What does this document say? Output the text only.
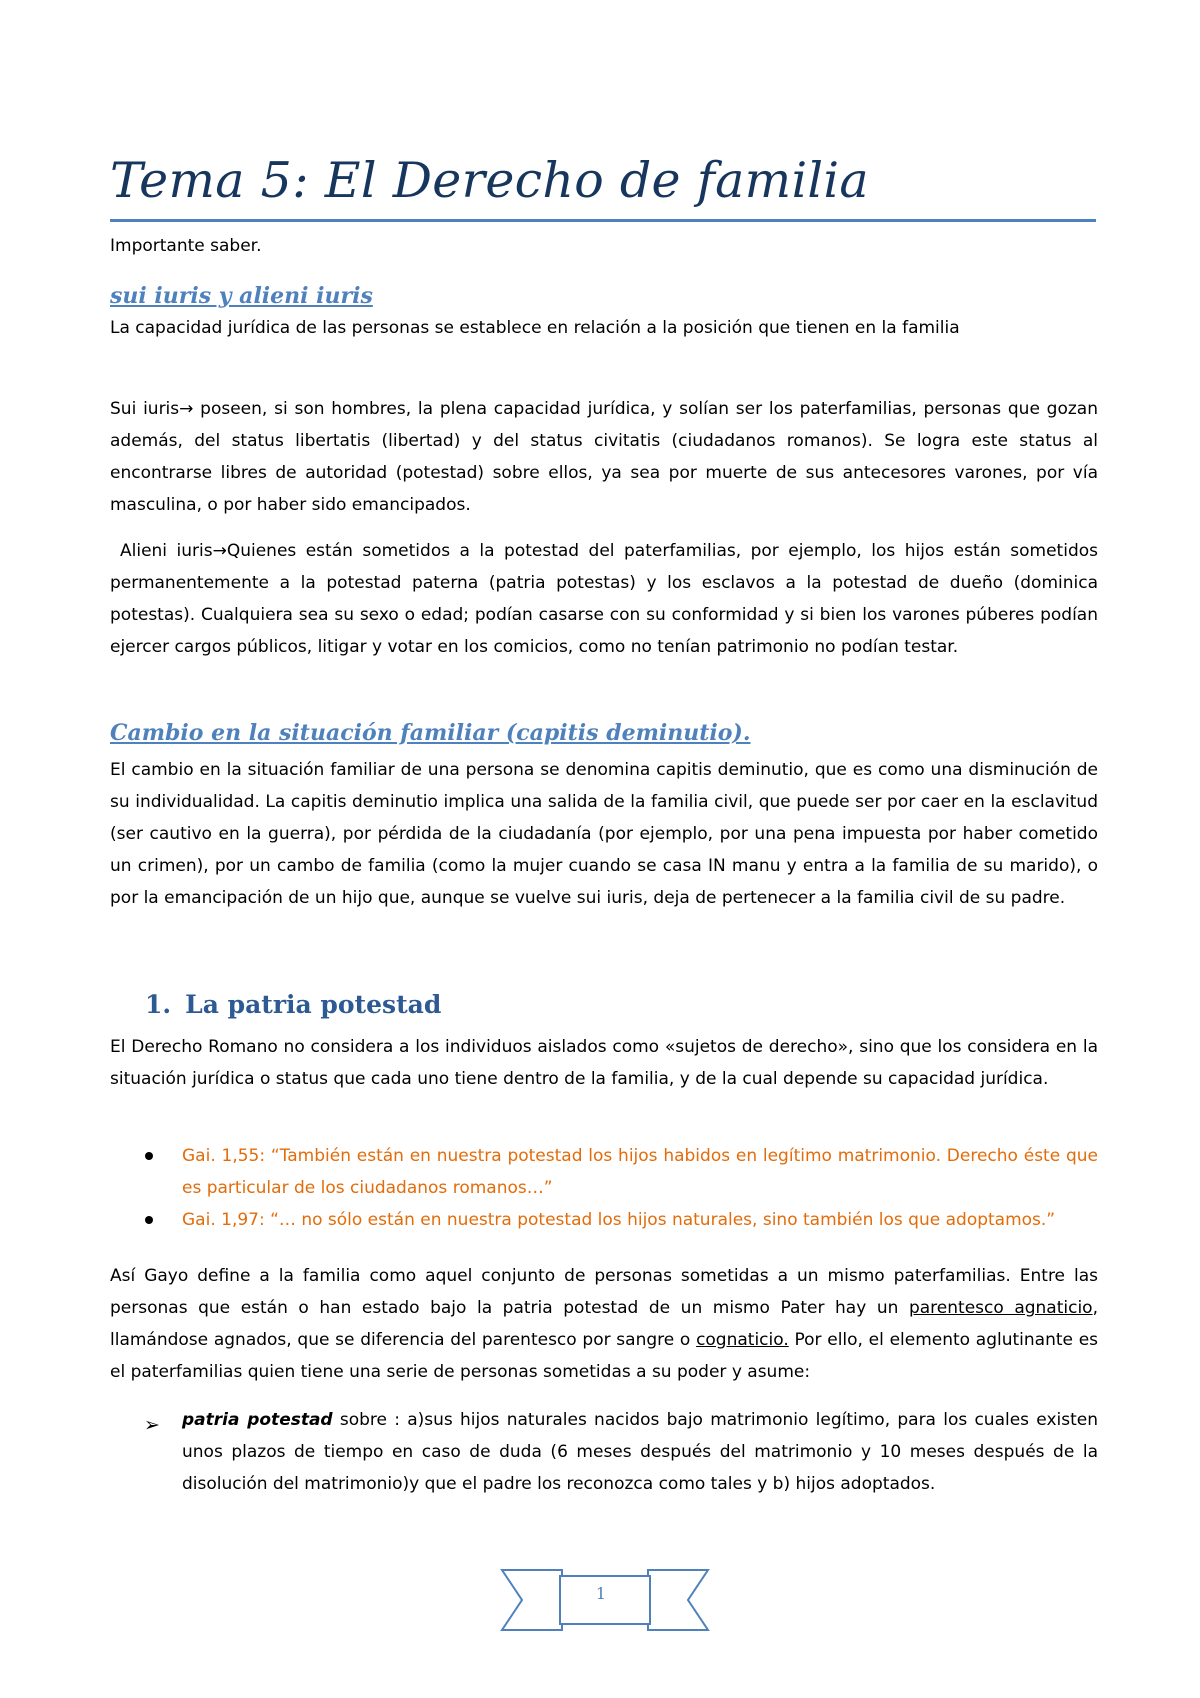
Tema 5: El Derecho de familia

Importante saber.

sui iuris y alieni iuris

La capacidad jurídica de las personas se establece en relación a la posición que tienen en la familia

Sui iuris→ poseen, si son hombres, la plena capacidad jurídica, y solían ser los paterfamilias, personas que gozan además, del status libertatis (libertad) y del status civitatis (ciudadanos romanos). Se logra este status al encontrarse libres de autoridad (potestad) sobre ellos, ya sea por muerte de sus antecesores varones, por vía masculina, o por haber sido emancipados.

Alieni iuris→Quienes están sometidos a la potestad del paterfamilias, por ejemplo, los hijos están sometidos permanentemente a la potestad paterna (patria potestas) y los esclavos a la potestad de dueño (dominica potestas). Cualquiera sea su sexo o edad; podían casarse con su conformidad y si bien los varones púberes podían ejercer cargos públicos, litigar y votar en los comicios, como no tenían patrimonio no podían testar.

Cambio en la situación familiar (capitis deminutio).

El cambio en la situación familiar de una persona se denomina capitis deminutio, que es como una disminución de su individualidad. La capitis deminutio implica una salida de la familia civil, que puede ser por caer en la esclavitud (ser cautivo en la guerra), por pérdida de la ciudadanía (por ejemplo, por una pena impuesta por haber cometido un crimen), por un cambo de familia (como la mujer cuando se casa IN manu y entra a la familia de su marido), o por la emancipación de un hijo que, aunque se vuelve sui iuris, deja de pertenecer a la familia civil de su padre.

1. La patria potestad

El Derecho Romano no considera a los individuos aislados como «sujetos de derecho», sino que los considera en la situación jurídica o status que cada uno tiene dentro de la familia, y de la cual depende su capacidad jurídica.

Gai. 1,55: “También están en nuestra potestad los hijos habidos en legítimo matrimonio. Derecho éste que es particular de los ciudadanos romanos…”

Gai. 1,97: “… no sólo están en nuestra potestad los hijos naturales, sino también los que adoptamos.”

Así Gayo define a la familia como aquel conjunto de personas sometidas a un mismo paterfamilias. Entre las personas que están o han estado bajo la patria potestad de un mismo Pater hay un parentesco agnaticio, llamándose agnados, que se diferencia del parentesco por sangre o cognaticio. Por ello, el elemento aglutinante es el paterfamilias quien tiene una serie de personas sometidas a su poder y asume:

➢ patria potestad sobre : a)sus hijos naturales nacidos bajo matrimonio legítimo, para los cuales existen unos plazos de tiempo en caso de duda (6 meses después del matrimonio y 10 meses después de la disolución del matrimonio)y que el padre los reconozca como tales y b) hijos adoptados.

1
